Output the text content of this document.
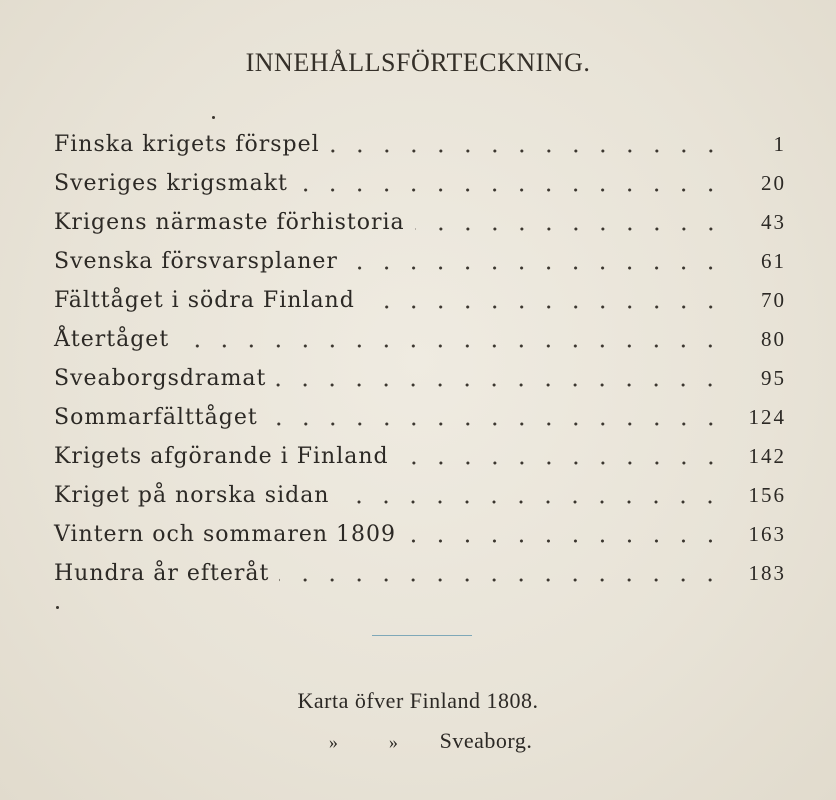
INNEHÅLLSFÖRTECKNING.
Finska krigets förspel	1
Sveriges krigsmakt	20
Krigens närmaste förhistoria	43
Svenska försvarsplaner	61
Fälttåget i södra Finland	70
Återtåget	80
Sveaborgsdramat	95
Sommarfälttåget	124
Krigets afgörande i Finland	142
Kriget på norska sidan	156
Vintern och sommaren 1809	163
Hundra år efteråt	183
Karta öfver Finland 1808.
»	» Sveaborg.
